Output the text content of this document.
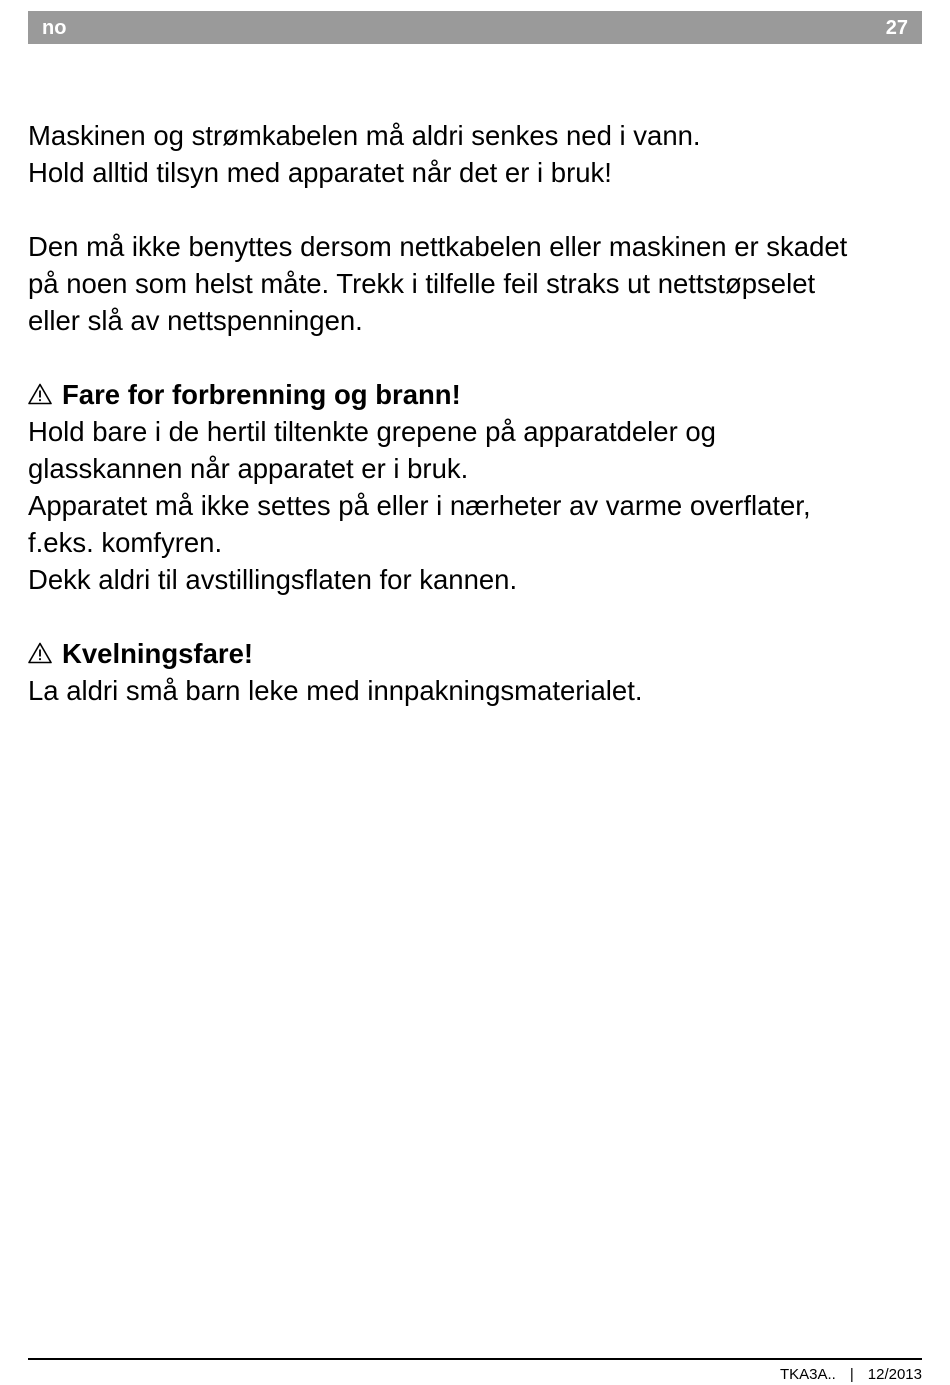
no	27
Maskinen og strømkabelen må aldri senkes ned i vann.
Hold alltid tilsyn med apparatet når det er i bruk!
Den må ikke benyttes dersom nettkabelen eller maskinen er skadet
på noen som helst måte. Trekk i tilfelle feil straks ut nettstøpselet
eller slå av nettspenningen.
Fare for forbrenning og brann!
Hold bare i de hertil tiltenkte grepene på apparatdeler og
glasskannen når apparatet er i bruk.
Apparatet må ikke settes på eller i nærheter av varme overflater,
f.eks. komfyren.
Dekk aldri til avstillingsflaten for kannen.
Kvelningsfare!
La aldri små barn leke med innpakningsmaterialet.
TKA3A.. | 12/2013
